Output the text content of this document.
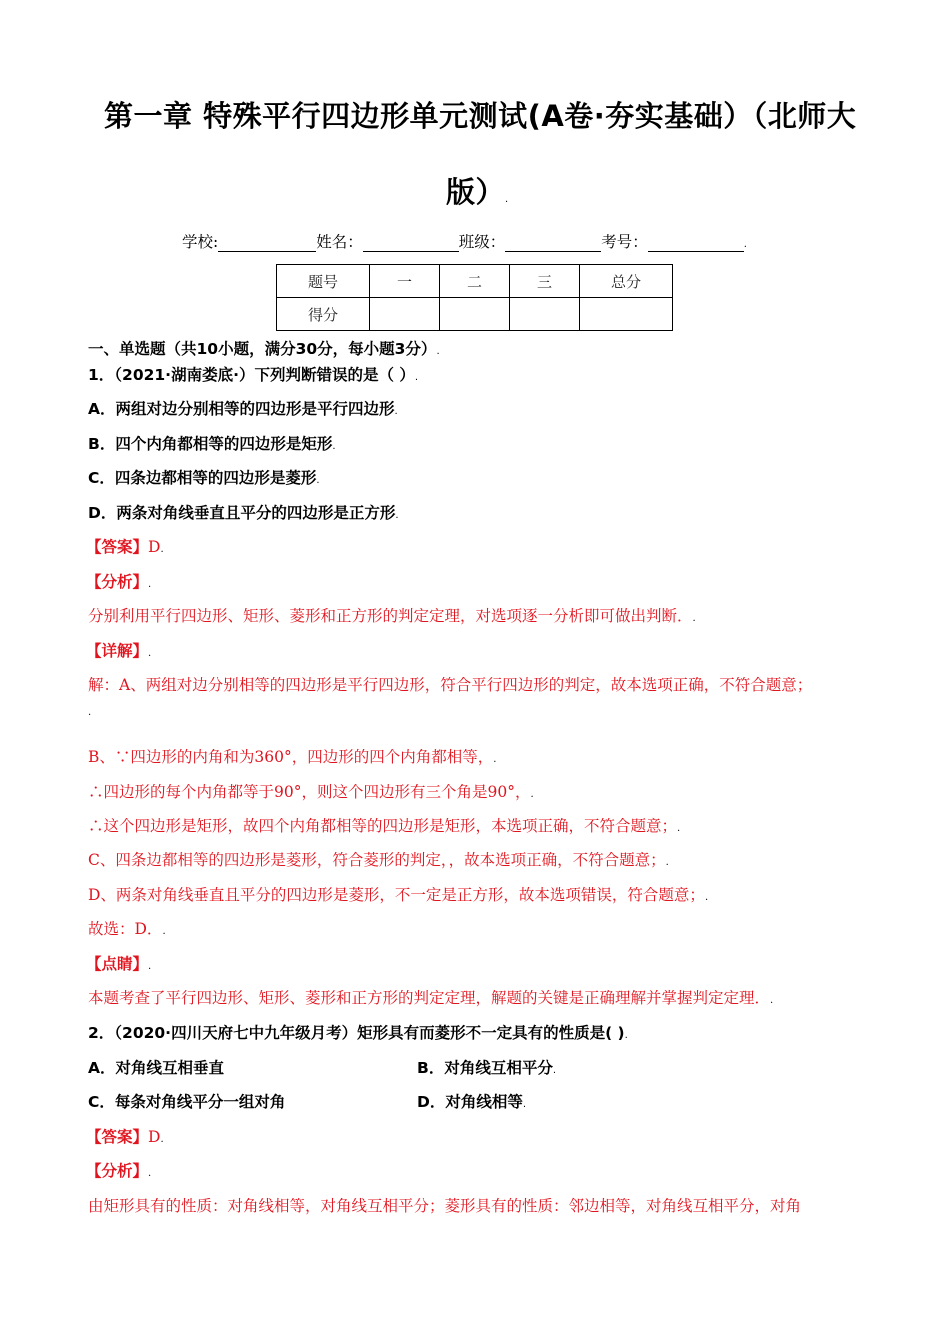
第一章 特殊平行四边形单元测试(A卷·夯实基础）（北师大
版）.
学校:	姓名：	班级：	考号：	.
题号	一	二	三	总分
得分				
一、单选题（共10小题，满分30分，每小题3分）.
1．（2021·湖南娄底·）下列判断错误的是（ ）.
A．两组对边分别相等的四边形是平行四边形.
B．四个内角都相等的四边形是矩形.
C．四条边都相等的四边形是菱形.
D．两条对角线垂直且平分的四边形是正方形.
【答案】D.
【分析】.
分别利用平行四边形、矩形、菱形和正方形的判定定理，对选项逐一分析即可做出判断．.
【详解】.
解：A、两组对边分别相等的四边形是平行四边形，符合平行四边形的判定，故本选项正确，不符合题意；
.
B、∵四边形的内角和为360°，四边形的四个内角都相等，.
∴四边形的每个内角都等于90°，则这个四边形有三个角是90°，.
∴这个四边形是矩形，故四个内角都相等的四边形是矩形，本选项正确，不符合题意；.
C、四条边都相等的四边形是菱形，符合菱形的判定，，故本选项正确，不符合题意；.
D、两条对角线垂直且平分的四边形是菱形，不一定是正方形，故本选项错误，符合题意；.
故选：D．.
【点睛】.
本题考查了平行四边形、矩形、菱形和正方形的判定定理，解题的关键是正确理解并掌握判定定理．.
2．（2020·四川天府七中九年级月考）矩形具有而菱形不一定具有的性质是( ).
A．对角线互相垂直	B．对角线互相平分.
C．每条对角线平分一组对角	D．对角线相等.
【答案】D.
【分析】.
由矩形具有的性质：对角线相等，对角线互相平分；菱形具有的性质：邻边相等，对角线互相平分，对角
